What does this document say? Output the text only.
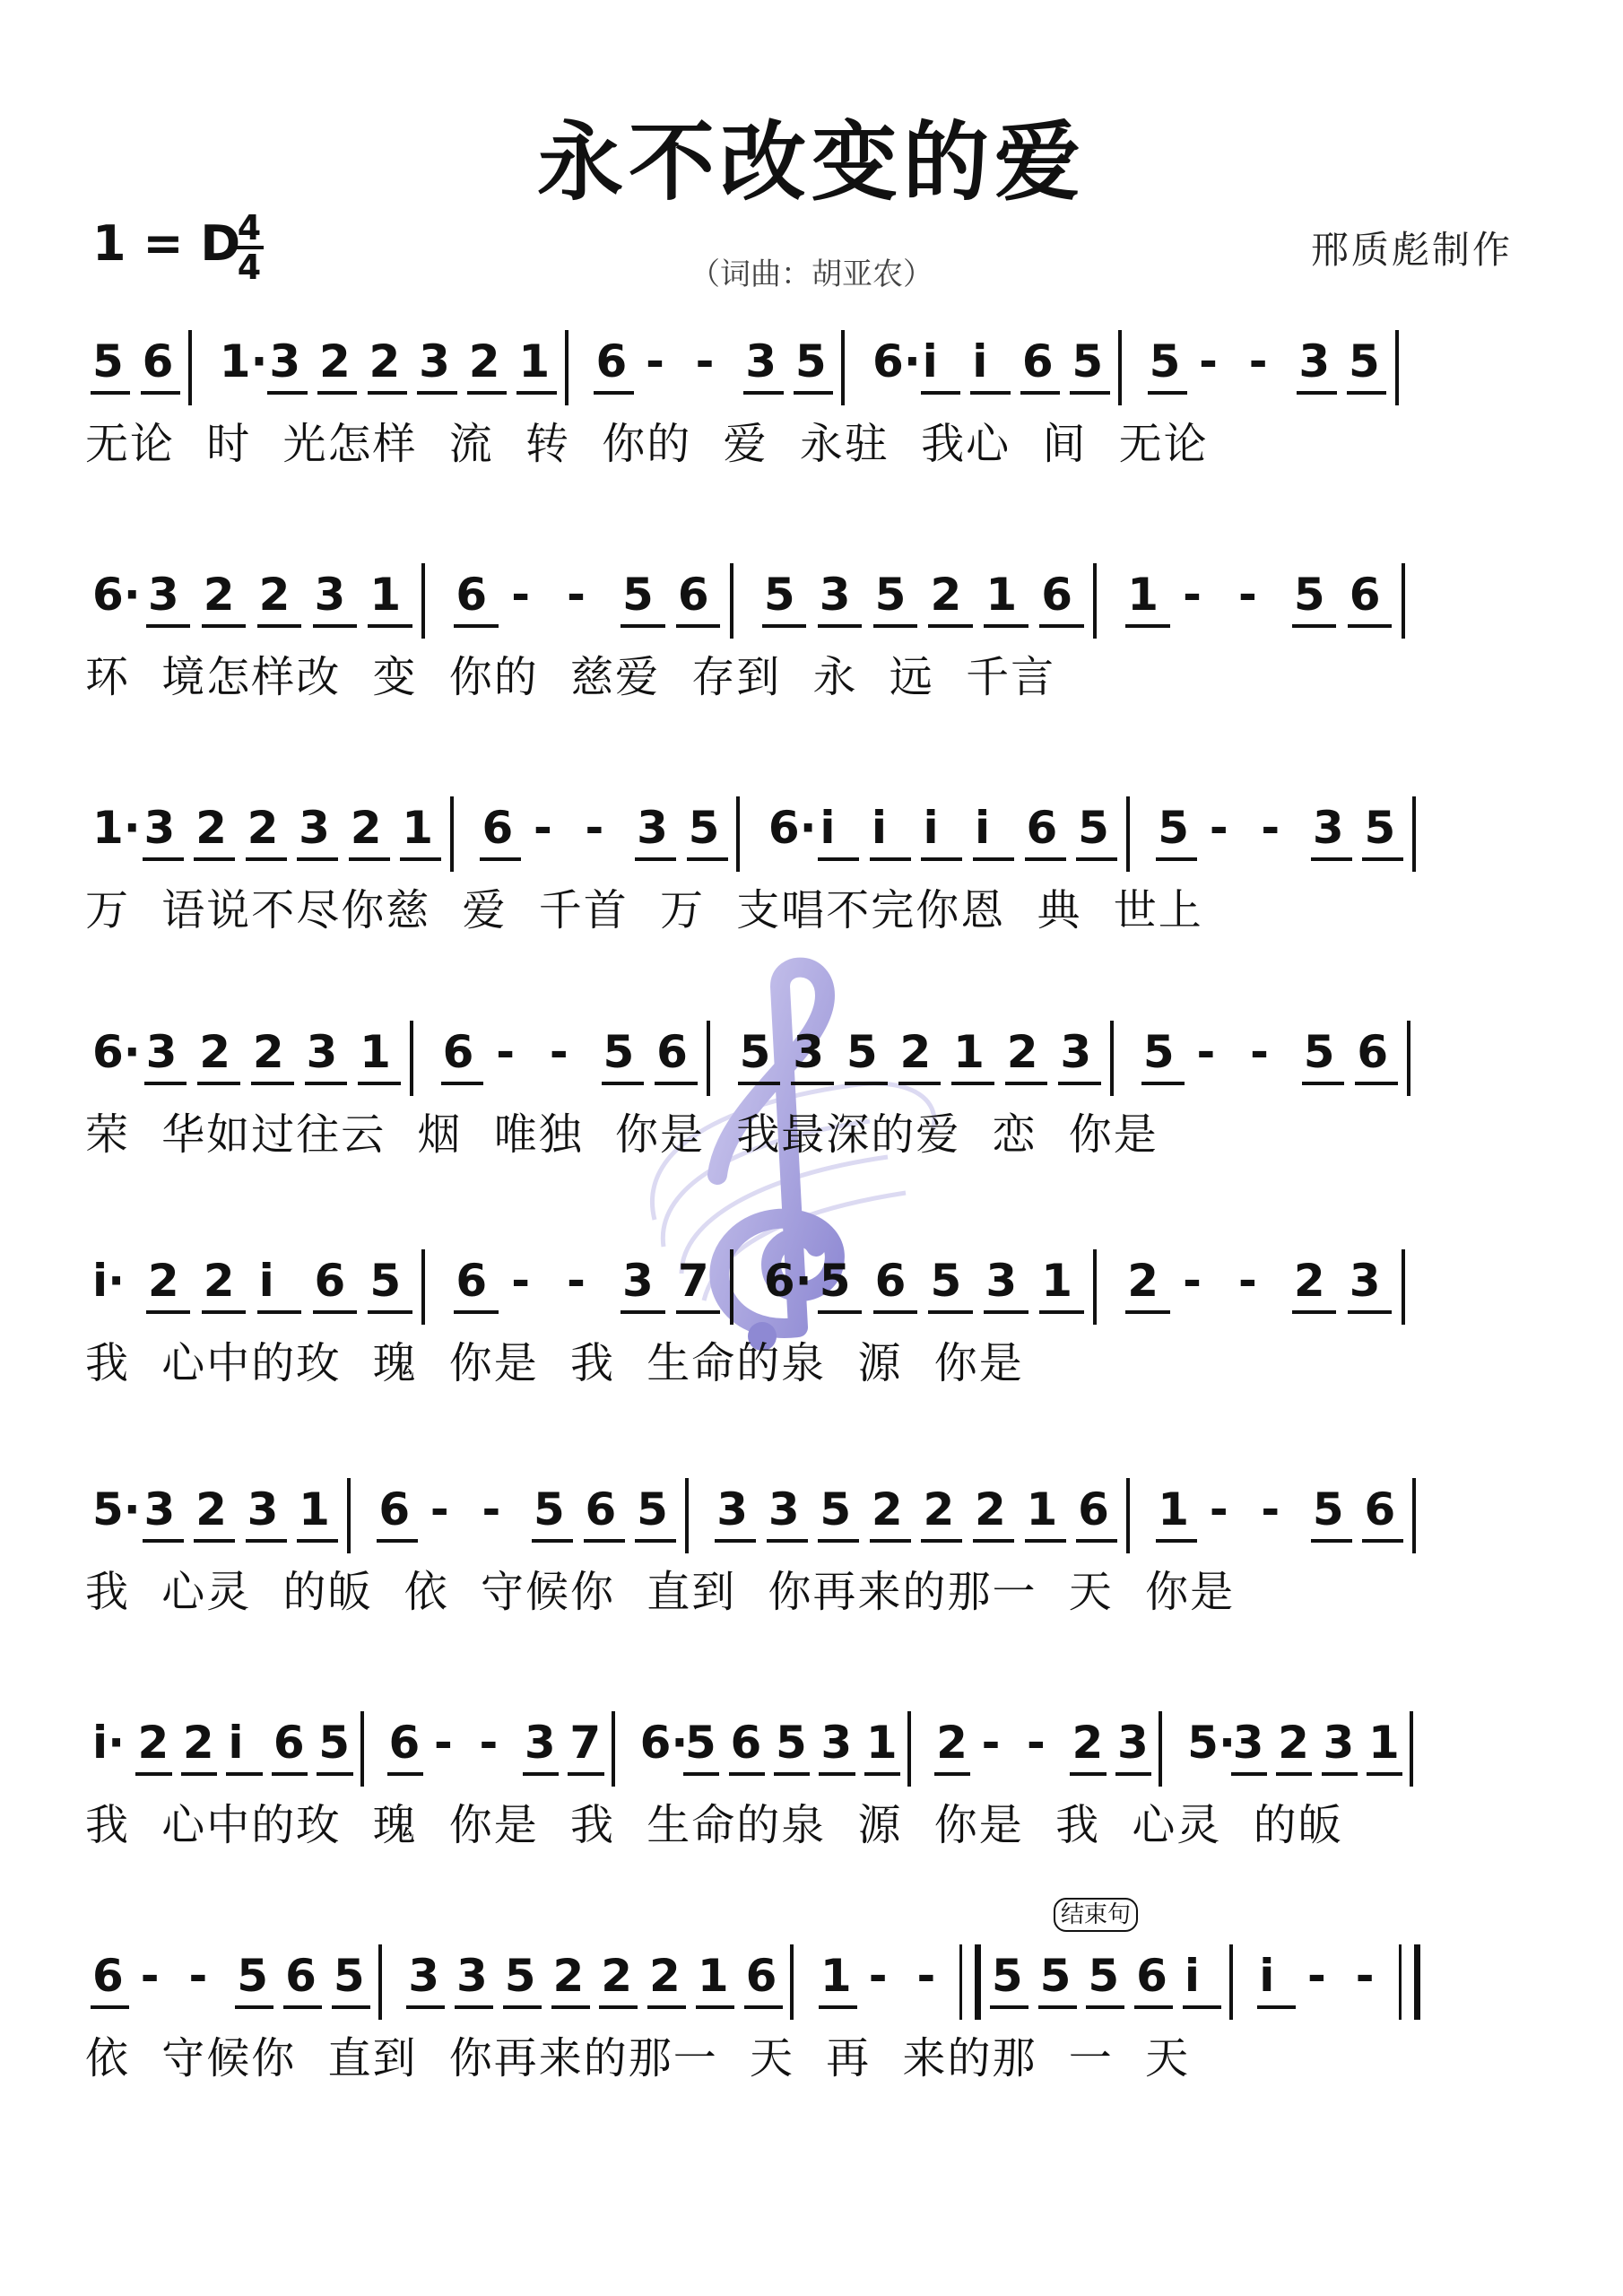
永不改变的爱
1 = D
4
4	（词曲：胡亚农）
邢质彪制作
5 6 1· 3 2 2 3 2 1 6 - - 3 5 6· i i 6 5 5 - - 3 5
无论 时 光怎样 流 转 你的 爱 永驻 我心 间 无论
6· 3 2 2 3 1 6 - - 5 6 5 3 5 2 1 6 1 - - 5 6
环 境怎样改 变 你的 慈爱 存到 永 远 千言
1· 3 2 2 3 2 1 6 - - 3 5 6· i i i i 6 5 5 - - 3 5
万 语说不尽你慈 爱 千首 万 支唱不完你恩 典 世上
6· 3 2 2 3 1 6 - - 5 6 5 3 5 2 1 2 3 5 - - 5 6
荣 华如过往云 烟 唯独 你是 我最深的爱 恋 你是
i· 2 2 i 6 5 6 - - 3 7 6· 5 6 5 3 1 2 - - 2 3
我 心中的玫 瑰 你是 我 生命的泉 源 你是
5· 3 2 3 1 6 - - 5 6 5 3 3 5 2 2 2 1 6 1 - - 5 6
我 心灵 的皈 依 守候你 直到 你再来的那一 天 你是
i· 2 2 i 6 5 6 - - 3 7 6·
5 6 5 3 1 2 - - 2 3 5·
3 2 3 1
我 心中的玫 瑰 你是 我 生命的泉 源 你是 我 心灵 的皈
6 - - 5 6 5 3 3 5 2 2 2 1 6 1 - - 5 5 5 6 i i - -
结束句
依 守候你 直到 你再来的那一 天 再 来的那 一 天
